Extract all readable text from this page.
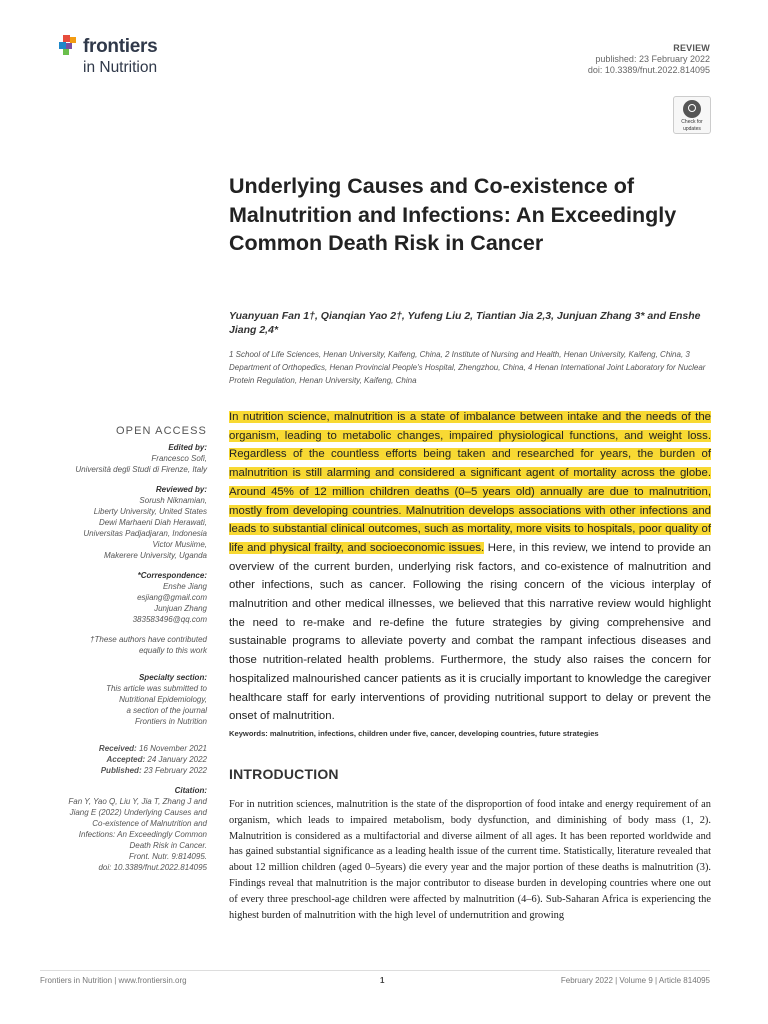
frontiers
in Nutrition
REVIEW
published: 23 February 2022
doi: 10.3389/fnut.2022.814095
Check for
updates
Underlying Causes and Co-existence of Malnutrition and Infections: An Exceedingly Common Death Risk in Cancer
Yuanyuan Fan 1†, Qianqian Yao 2†, Yufeng Liu 2, Tiantian Jia 2,3, Junjuan Zhang 3* and Enshe Jiang 2,4*
1 School of Life Sciences, Henan University, Kaifeng, China, 2 Institute of Nursing and Health, Henan University, Kaifeng, China, 3 Department of Orthopedics, Henan Provincial People's Hospital, Zhengzhou, China, 4 Henan International Joint Laboratory for Nuclear Protein Regulation, Henan University, Kaifeng, China
OPEN ACCESS
Edited by:
Francesco Sofi,
Università degli Studi di Firenze, Italy
Reviewed by:
Sorush Niknamian,
Liberty University, United States
Dewi Marhaeni Diah Herawati,
Universitas Padjadjaran, Indonesia
Victor Musiime,
Makerere University, Uganda
*Correspondence:
Enshe Jiang
esjiang@gmail.com
Junjuan Zhang
383583496@qq.com
†These authors have contributed
equally to this work
Specialty section:
This article was submitted to
Nutritional Epidemiology,
a section of the journal
Frontiers in Nutrition
Received: 16 November 2021
Accepted: 24 January 2022
Published: 23 February 2022
Citation:
Fan Y, Yao Q, Liu Y, Jia T, Zhang J and
Jiang E (2022) Underlying Causes and
Co-existence of Malnutrition and
Infections: An Exceedingly Common
Death Risk in Cancer.
Front. Nutr. 9:814095.
doi: 10.3389/fnut.2022.814095
In nutrition science, malnutrition is a state of imbalance between intake and the needs of the organism, leading to metabolic changes, impaired physiological functions, and weight loss. Regardless of the countless efforts being taken and researched for years, the burden of malnutrition is still alarming and considered a significant agent of mortality across the globe. Around 45% of 12 million children deaths (0–5 years old) annually are due to malnutrition, mostly from developing countries. Malnutrition develops associations with other infections and leads to substantial clinical outcomes, such as mortality, more visits to hospitals, poor quality of life and physical frailty, and socioeconomic issues. Here, in this review, we intend to provide an overview of the current burden, underlying risk factors, and co-existence of malnutrition and other infections, such as cancer. Following the rising concern of the vicious interplay of malnutrition and other medical illnesses, we believed that this narrative review would highlight the need to re-make and re-define the future strategies by giving comprehensive and sustainable programs to alleviate poverty and combat the rampant infectious diseases and those nutrition-related health problems. Furthermore, the study also raises the concern for hospitalized malnourished cancer patients as it is crucially important to knowledge the caregiver healthcare staff for early interventions of providing nutritional support to delay or prevent the onset of malnutrition.
Keywords: malnutrition, infections, children under five, cancer, developing countries, future strategies
INTRODUCTION
For in nutrition sciences, malnutrition is the state of the disproportion of food intake and energy requirement of an organism, which leads to impaired metabolism, body dysfunction, and diminishing of body mass (1, 2). Malnutrition is considered as a multifactorial and diverse ailment of all ages. It has been reported worldwide and has gained substantial significance as a leading health issue of the current time. Statistically, literature revealed that about 12 million children (aged 0–5years) die every year and the major portion of these deaths is malnutrition (3). Findings reveal that malnutrition is the major contributor to disease burden in developing countries where one out of every three preschool-age children were affected by malnutrition (4–6). Sub-Saharan Africa is experiencing the highest burden of malnutrition with the high level of undernutrition and growing
Frontiers in Nutrition | www.frontiersin.org	1	February 2022 | Volume 9 | Article 814095
